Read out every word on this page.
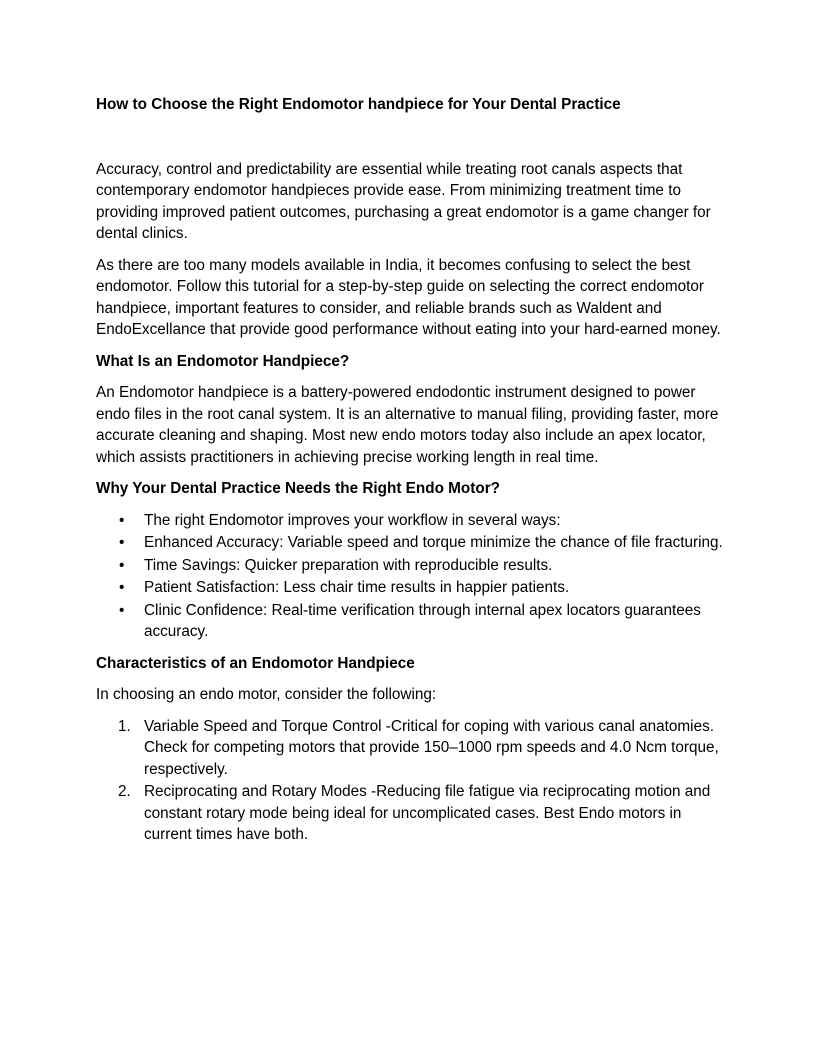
How to Choose the Right Endomotor handpiece for Your Dental Practice

Accuracy, control and predictability are essential while treating root canals aspects that contemporary endomotor handpieces provide ease. From minimizing treatment time to providing improved patient outcomes, purchasing a great endomotor is a game changer for dental clinics.

As there are too many models available in India, it becomes confusing to select the best endomotor. Follow this tutorial for a step-by-step guide on selecting the correct endomotor handpiece, important features to consider, and reliable brands such as Waldent and EndoExcellance that provide good performance without eating into your hard-earned money.

What Is an Endomotor Handpiece?

An Endomotor handpiece is a battery-powered endodontic instrument designed to power endo files in the root canal system. It is an alternative to manual filing, providing faster, more accurate cleaning and shaping. Most new endo motors today also include an apex locator, which assists practitioners in achieving precise working length in real time.

Why Your Dental Practice Needs the Right Endo Motor?
• The right Endomotor improves your workflow in several ways:
• Enhanced Accuracy: Variable speed and torque minimize the chance of file fracturing.
• Time Savings: Quicker preparation with reproducible results.
• Patient Satisfaction: Less chair time results in happier patients.
• Clinic Confidence: Real-time verification through internal apex locators guarantees accuracy.
Characteristics of an Endomotor Handpiece

In choosing an endo motor, consider the following:

1. Variable Speed and Torque Control -Critical for coping with various canal anatomies. Check for competing motors that provide 150–1000 rpm speeds and 4.0 Ncm torque, respectively.
2. Reciprocating and Rotary Modes -Reducing file fatigue via reciprocating motion and constant rotary mode being ideal for uncomplicated cases. Best Endo motors in current times have both.
